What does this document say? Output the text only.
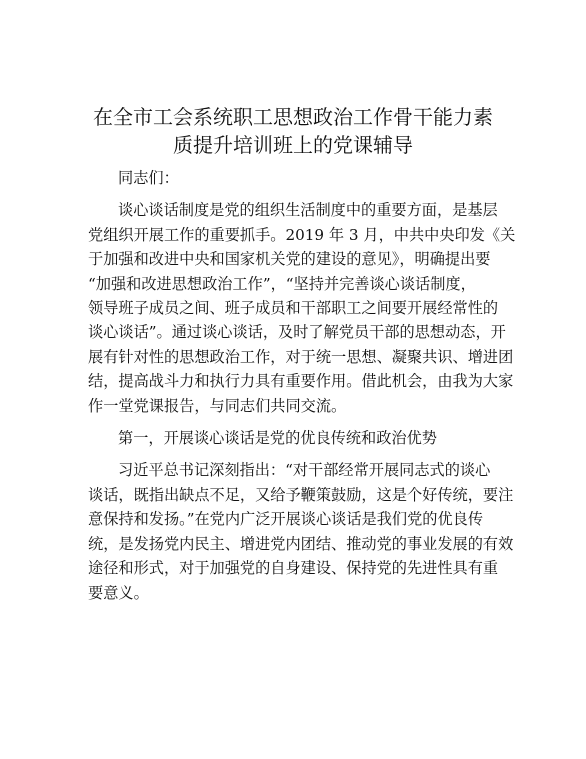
在全市工会系统职工思想政治工作骨干能力素
质提升培训班上的党课辅导
同志们：
谈心谈话制度是党的组织生活制度中的重要方面，是基层
党组织开展工作的重要抓手。2019 年 3 月，中共中央印发《关
于加强和改进中央和国家机关党的建设的意见》，明确提出要
“加强和改进思想政治工作”，“坚持并完善谈心谈话制度，
领导班子成员之间、班子成员和干部职工之间要开展经常性的
谈心谈话”。通过谈心谈话，及时了解党员干部的思想动态，开
展有针对性的思想政治工作，对于统一思想、凝聚共识、增进团
结，提高战斗力和执行力具有重要作用。借此机会，由我为大家
作一堂党课报告，与同志们共同交流。
第一，开展谈心谈话是党的优良传统和政治优势
习近平总书记深刻指出：“对干部经常开展同志式的谈心
谈话，既指出缺点不足，又给予鞭策鼓励，这是个好传统，要注
意保持和发扬。”在党内广泛开展谈心谈话是我们党的优良传
统，是发扬党内民主、增进党内团结、推动党的事业发展的有效
途径和形式，对于加强党的自身建设、保持党的先进性具有重
要意义。
